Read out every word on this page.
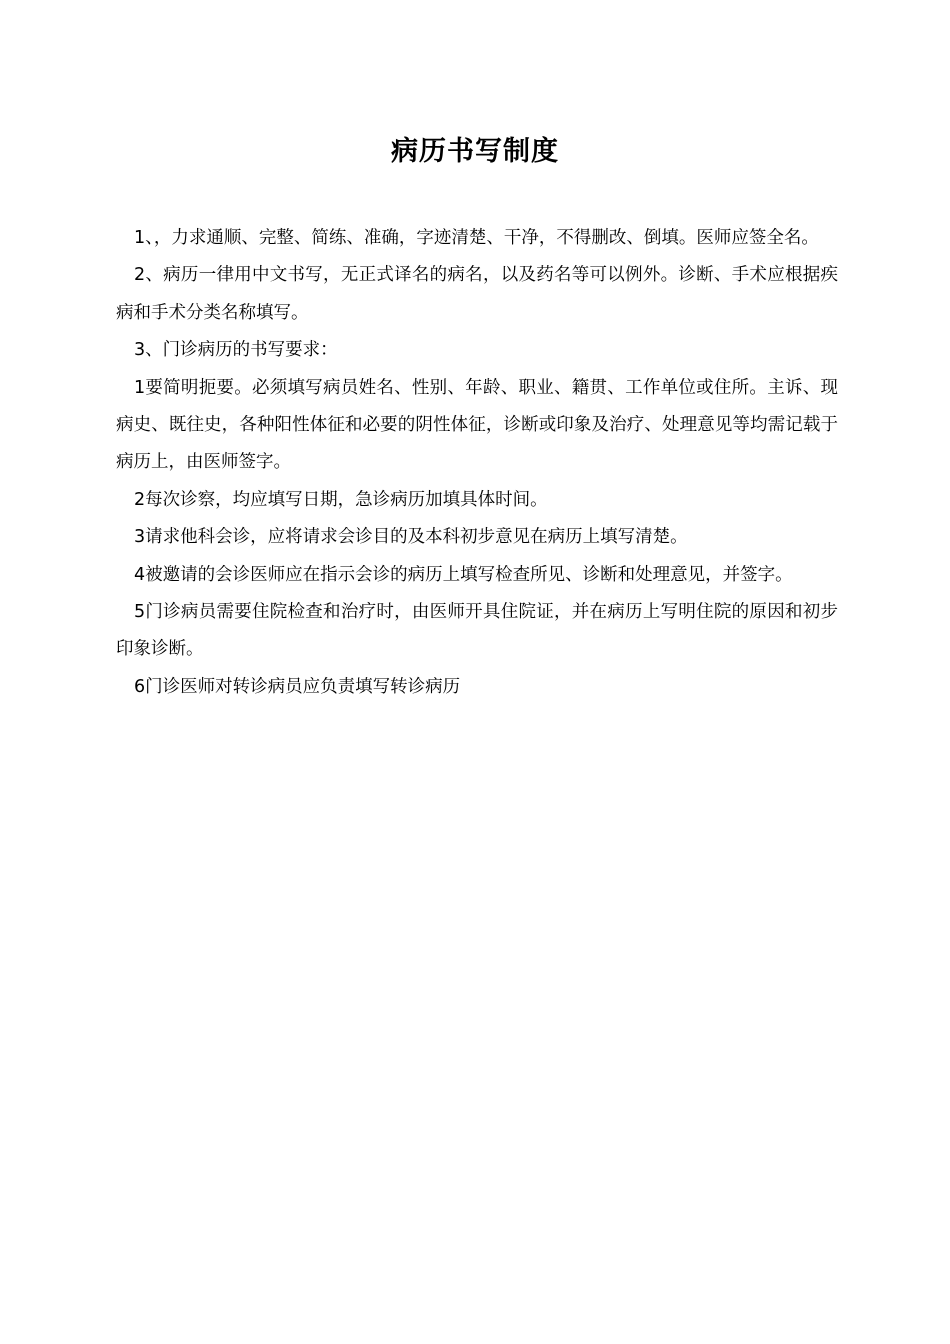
病历书写制度

1、，力求通顺、完整、简练、准确，字迹清楚、干净，不得删改、倒填。医师应签全名。

2、病历一律用中文书写，无正式译名的病名，以及药名等可以例外。诊断、手术应根据疾病和手术分类名称填写。

3、门诊病历的书写要求：

1要简明扼要。必须填写病员姓名、性别、年龄、职业、籍贯、工作单位或住所。主诉、现病史、既往史，各种阳性体征和必要的阴性体征，诊断或印象及治疗、处理意见等均需记载于病历上，由医师签字。

2每次诊察，均应填写日期，急诊病历加填具体时间。

3请求他科会诊，应将请求会诊目的及本科初步意见在病历上填写清楚。

4被邀请的会诊医师应在指示会诊的病历上填写检查所见、诊断和处理意见，并签字。

5门诊病员需要住院检查和治疗时，由医师开具住院证，并在病历上写明住院的原因和初步印象诊断。

6门诊医师对转诊病员应负责填写转诊病历
